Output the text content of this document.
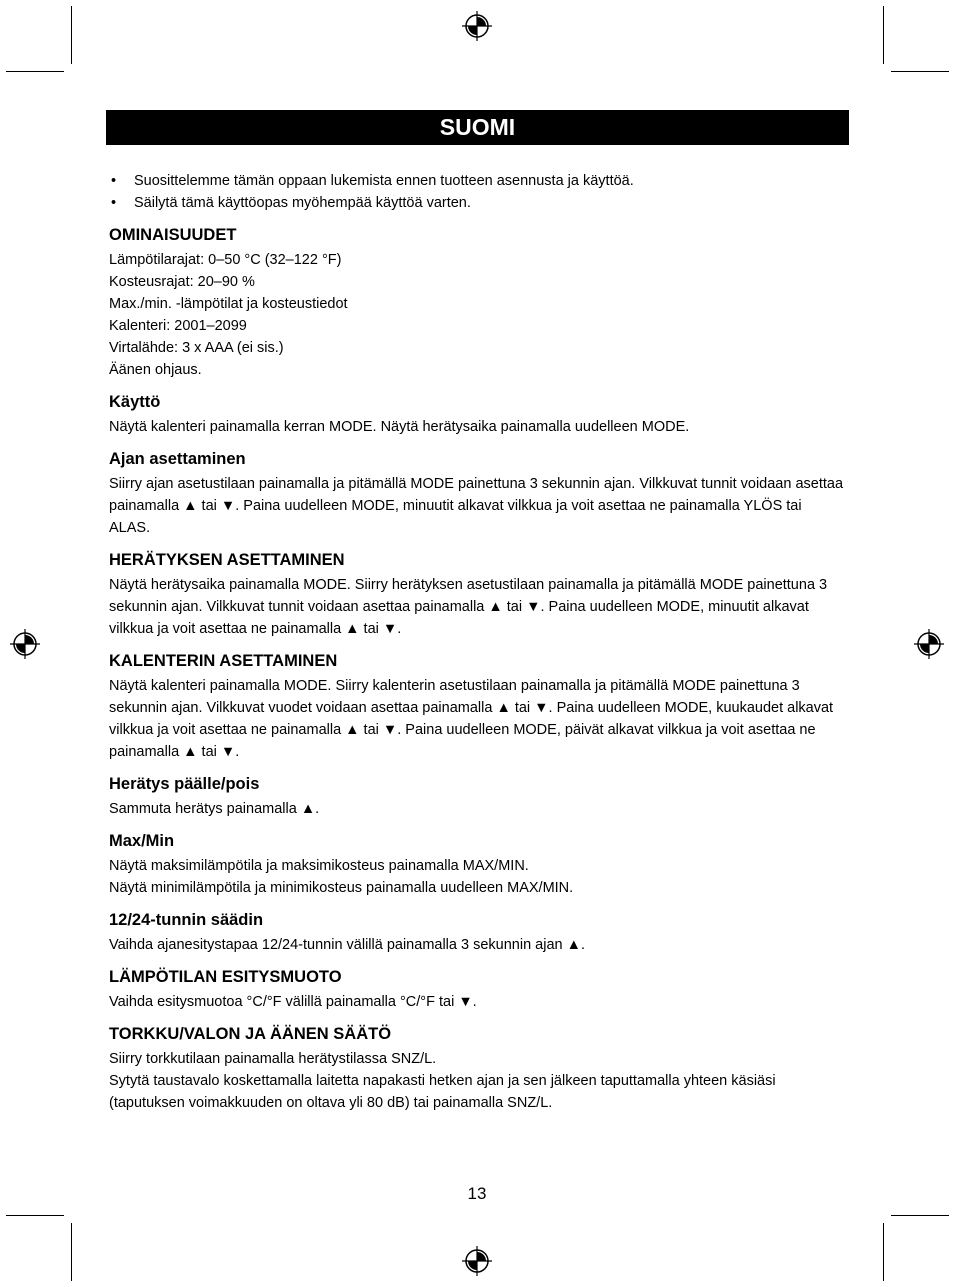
SUOMI
• Suosittelemme tämän oppaan lukemista ennen tuotteen asennusta ja käyttöä.
• Säilytä tämä käyttöopas myöhempää käyttöä varten.
OMINAISUUDET

Lämpötilarajat: 0–50 °C (32–122 °F)

Kosteusrajat: 20–90 %

Max./min. -lämpötilat ja kosteustiedot

Kalenteri: 2001–2099

Virtalähde: 3 x AAA (ei sis.)

Äänen ohjaus.

Käyttö

Näytä kalenteri painamalla kerran MODE. Näytä herätysaika painamalla uudelleen MODE.

Ajan asettaminen

Siirry ajan asetustilaan painamalla ja pitämällä MODE painettuna 3 sekunnin ajan. Vilkkuvat tunnit voidaan asettaa painamalla ▲ tai ▼. Paina uudelleen MODE, minuutit alkavat vilkkua ja voit asettaa ne painamalla YLÖS tai ALAS.

HERÄTYKSEN ASETTAMINEN

Näytä herätysaika painamalla MODE. Siirry herätyksen asetustilaan painamalla ja pitämällä MODE painettuna 3 sekunnin ajan. Vilkkuvat tunnit voidaan asettaa painamalla ▲ tai ▼. Paina uudelleen MODE, minuutit alkavat vilkkua ja voit asettaa ne painamalla ▲ tai ▼.

KALENTERIN ASETTAMINEN

Näytä kalenteri painamalla MODE. Siirry kalenterin asetustilaan painamalla ja pitämällä MODE painettuna 3 sekunnin ajan. Vilkkuvat vuodet voidaan asettaa painamalla ▲ tai ▼. Paina uudelleen MODE, kuukaudet alkavat vilkkua ja voit asettaa ne painamalla ▲ tai ▼. Paina uudelleen MODE, päivät alkavat vilkkua ja voit asettaa ne painamalla ▲ tai ▼.

Herätys päälle/pois

Sammuta herätys painamalla ▲.

Max/Min

Näytä maksimilämpötila ja maksimikosteus painamalla MAX/MIN.

Näytä minimilämpötila ja minimikosteus painamalla uudelleen MAX/MIN.

12/24-tunnin säädin

Vaihda ajanesitystapaa 12/24-tunnin välillä painamalla 3 sekunnin ajan ▲.

LÄMPÖTILAN ESITYSMUOTO

Vaihda esitysmuotoa °C/°F välillä painamalla °C/°F tai ▼.

TORKKU/VALON JA ÄÄNEN SÄÄTÖ

Siirry torkkutilaan painamalla herätystilassa SNZ/L.

Sytytä taustavalo koskettamalla laitetta napakasti hetken ajan ja sen jälkeen taputtamalla yhteen käsiäsi (taputuksen voimakkuuden on oltava yli 80 dB) tai painamalla SNZ/L.

13
